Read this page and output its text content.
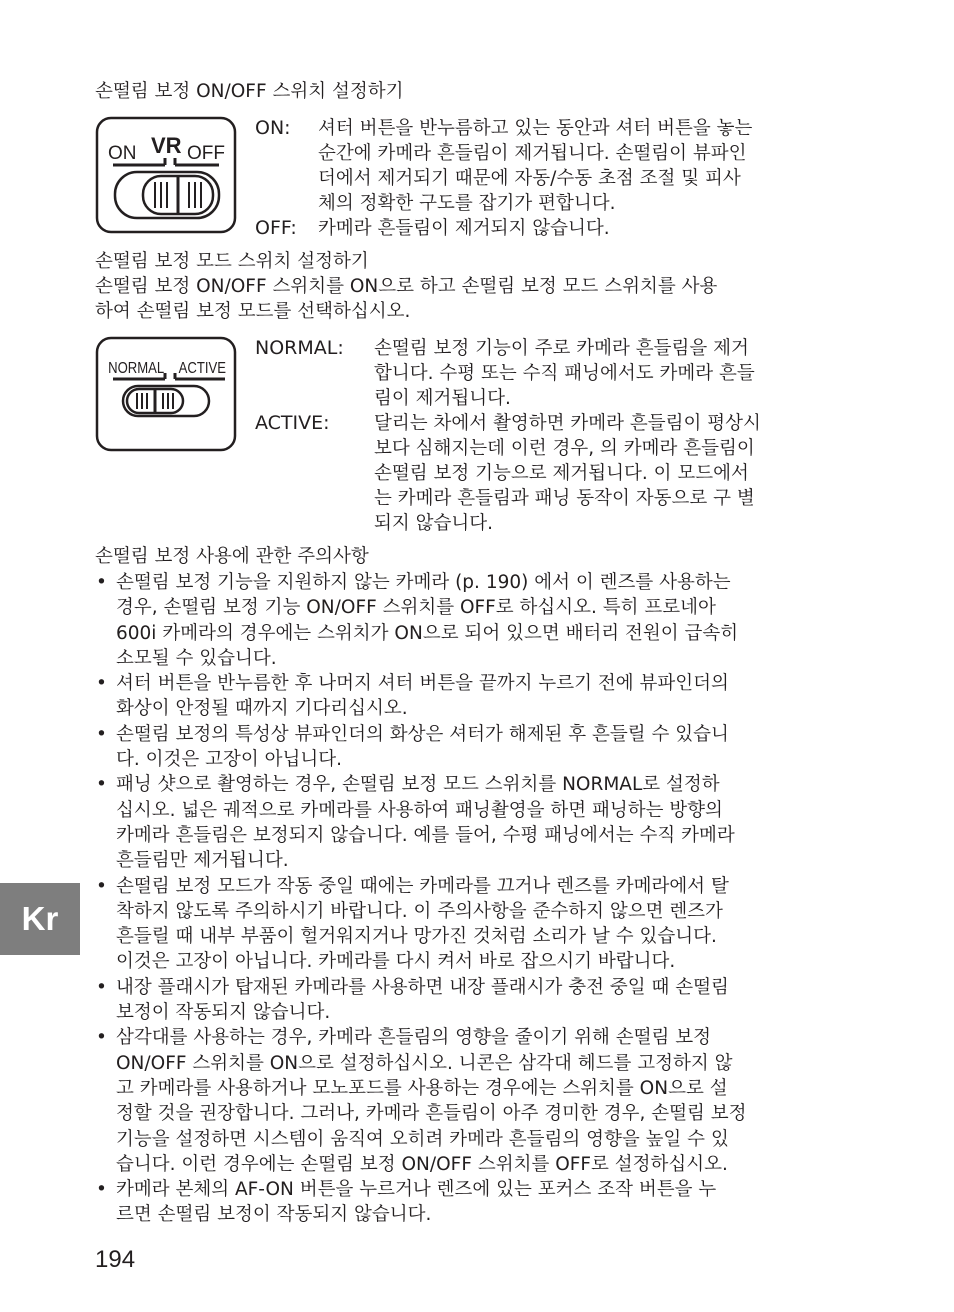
손떨림 보정 ON/OFF 스위치 설정하기
ON VR OFF
ON: 셔터 버튼을 반누름하고 있는 동안과 셔터 버튼을 놓는
순간에 카메라 흔들림이 제거됩니다. 손떨림이 뷰파인
더에서 제거되기 때문에 자동/수동 초점 조절 및 피사
체의 정확한 구도를 잡기가 편합니다.
OFF: 카메라 흔들림이 제거되지 않습니다.
손떨림 보정 모드 스위치 설정하기
손떨림 보정 ON/OFF 스위치를 ON으로 하고 손떨림 보정 모드 스위치를 사용
하여 손떨림 보정 모드를 선택하십시오.
NORMAL ACTIVE
NORMAL: 손떨림 보정 기능이 주로 카메라 흔들림을 제거
합니다. 수평 또는 수직 패닝에서도 카메라 흔들
림이 제거됩니다.
ACTIVE: 달리는 차에서 촬영하면 카메라 흔들림이 평상시
보다 심해지는데 이런 경우, 의 카메라 흔들림이
손떨림 보정 기능으로 제거됩니다. 이 모드에서
는 카메라 흔들림과 패닝 동작이 자동으로 구 별
되지 않습니다.
손떨림 보정 사용에 관한 주의사항
• 손떨림 보정 기능을 지원하지 않는 카메라 (p. 190) 에서 이 렌즈를 사용하는
경우, 손떨림 보정 기능 ON/OFF 스위치를 OFF로 하십시오. 특히 프로네아
600i 카메라의 경우에는 스위치가 ON으로 되어 있으면 배터리 전원이 급속히
소모될 수 있습니다.
• 셔터 버튼을 반누름한 후 나머지 셔터 버튼을 끝까지 누르기 전에 뷰파인더의
화상이 안정될 때까지 기다리십시오.
• 손떨림 보정의 특성상 뷰파인더의 화상은 셔터가 해제된 후 흔들릴 수 있습니
다. 이것은 고장이 아닙니다.
• 패닝 샷으로 촬영하는 경우, 손떨림 보정 모드 스위치를 NORMAL로 설정하
십시오. 넓은 궤적으로 카메라를 사용하여 패닝촬영을 하면 패닝하는 방향의
카메라 흔들림은 보정되지 않습니다. 예를 들어, 수평 패닝에서는 수직 카메라
흔들림만 제거됩니다.
• 손떨림 보정 모드가 작동 중일 때에는 카메라를 끄거나 렌즈를 카메라에서 탈
착하지 않도록 주의하시기 바랍니다. 이 주의사항을 준수하지 않으면 렌즈가
흔들릴 때 내부 부품이 헐거워지거나 망가진 것처럼 소리가 날 수 있습니다.
이것은 고장이 아닙니다. 카메라를 다시 켜서 바로 잡으시기 바랍니다.
• 내장 플래시가 탑재된 카메라를 사용하면 내장 플래시가 충전 중일 때 손떨림
보정이 작동되지 않습니다.
• 삼각대를 사용하는 경우, 카메라 흔들림의 영향을 줄이기 위해 손떨림 보정
ON/OFF 스위치를 ON으로 설정하십시오. 니콘은 삼각대 헤드를 고정하지 않
고 카메라를 사용하거나 모노포드를 사용하는 경우에는 스위치를 ON으로 설
정할 것을 권장합니다. 그러나, 카메라 흔들림이 아주 경미한 경우, 손떨림 보정
기능을 설정하면 시스템이 움직여 오히려 카메라 흔들림의 영향을 높일 수 있
습니다. 이런 경우에는 손떨림 보정 ON/OFF 스위치를 OFF로 설정하십시오.
• 카메라 본체의 AF-ON 버튼을 누르거나 렌즈에 있는 포커스 조작 버튼을 누
르면 손떨림 보정이 작동되지 않습니다.
Kr
194
